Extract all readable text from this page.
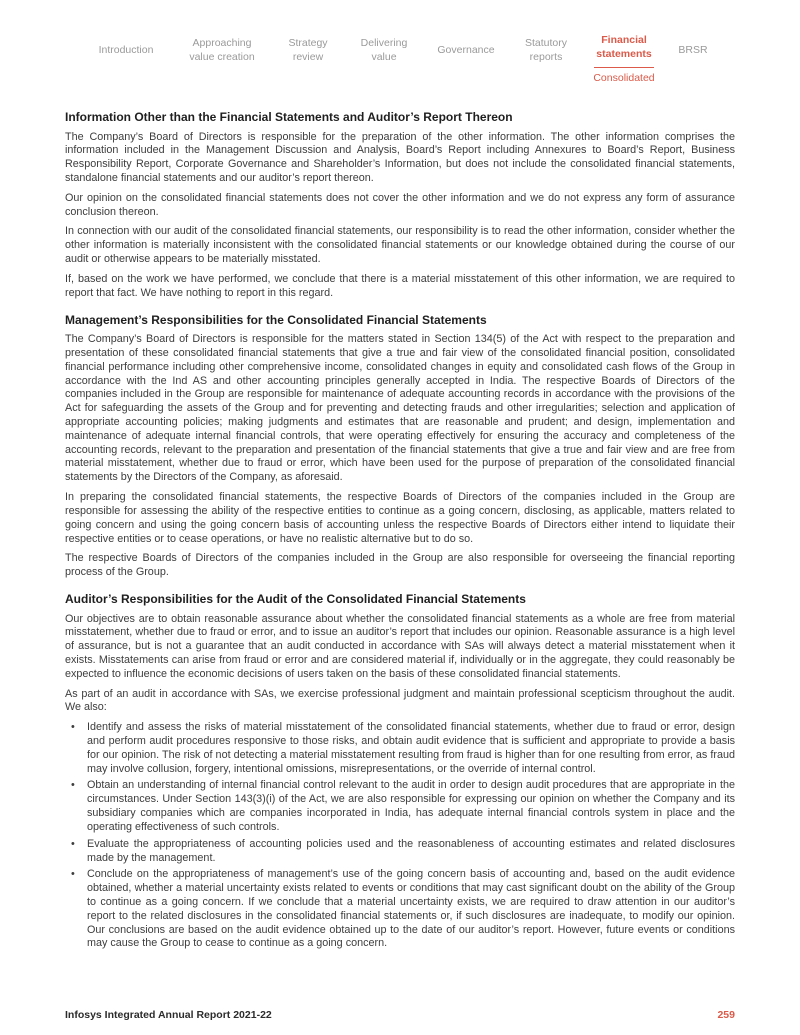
Introduction
Approaching value creation
Strategy review
Delivering value
Governance
Statutory reports
Financial statements
Consolidated
BRSR
Information Other than the Financial Statements and Auditor’s Report Thereon

The Company’s Board of Directors is responsible for the preparation of the other information. The other information comprises the information included in the Management Discussion and Analysis, Board’s Report including Annexures to Board’s Report, Business Responsibility Report, Corporate Governance and Shareholder’s Information, but does not include the consolidated financial statements, standalone financial statements and our auditor’s report thereon.

Our opinion on the consolidated financial statements does not cover the other information and we do not express any form of assurance conclusion thereon.

In connection with our audit of the consolidated financial statements, our responsibility is to read the other information, consider whether the other information is materially inconsistent with the consolidated financial statements or our knowledge obtained during the course of our audit or otherwise appears to be materially misstated.

If, based on the work we have performed, we conclude that there is a material misstatement of this other information, we are required to report that fact. We have nothing to report in this regard.

Management’s Responsibilities for the Consolidated Financial Statements

The Company’s Board of Directors is responsible for the matters stated in Section 134(5) of the Act with respect to the preparation and presentation of these consolidated financial statements that give a true and fair view of the consolidated financial position, consolidated financial performance including other comprehensive income, consolidated changes in equity and consolidated cash flows of the Group in accordance with the Ind AS and other accounting principles generally accepted in India. The respective Boards of Directors of the companies included in the Group are responsible for maintenance of adequate accounting records in accordance with the provisions of the Act for safeguarding the assets of the Group and for preventing and detecting frauds and other irregularities; selection and application of appropriate accounting policies; making judgments and estimates that are reasonable and prudent; and design, implementation and maintenance of adequate internal financial controls, that were operating effectively for ensuring the accuracy and completeness of the accounting records, relevant to the preparation and presentation of the financial statements that give a true and fair view and are free from material misstatement, whether due to fraud or error, which have been used for the purpose of preparation of the consolidated financial statements by the Directors of the Company, as aforesaid.

In preparing the consolidated financial statements, the respective Boards of Directors of the companies included in the Group are responsible for assessing the ability of the respective entities to continue as a going concern, disclosing, as applicable, matters related to going concern and using the going concern basis of accounting unless the respective Boards of Directors either intend to liquidate their respective entities or to cease operations, or have no realistic alternative but to do so.

The respective Boards of Directors of the companies included in the Group are also responsible for overseeing the financial reporting process of the Group.

Auditor’s Responsibilities for the Audit of the Consolidated Financial Statements

Our objectives are to obtain reasonable assurance about whether the consolidated financial statements as a whole are free from material misstatement, whether due to fraud or error, and to issue an auditor’s report that includes our opinion. Reasonable assurance is a high level of assurance, but is not a guarantee that an audit conducted in accordance with SAs will always detect a material misstatement when it exists. Misstatements can arise from fraud or error and are considered material if, individually or in the aggregate, they could reasonably be expected to influence the economic decisions of users taken on the basis of these consolidated financial statements.

As part of an audit in accordance with SAs, we exercise professional judgment and maintain professional scepticism throughout the audit. We also:

• Identify and assess the risks of material misstatement of the consolidated financial statements, whether due to fraud or error, design and perform audit procedures responsive to those risks, and obtain audit evidence that is sufficient and appropriate to provide a basis for our opinion. The risk of not detecting a material misstatement resulting from fraud is higher than for one resulting from error, as fraud may involve collusion, forgery, intentional omissions, misrepresentations, or the override of internal control.
• Obtain an understanding of internal financial control relevant to the audit in order to design audit procedures that are appropriate in the circumstances. Under Section 143(3)(i) of the Act, we are also responsible for expressing our opinion on whether the Company and its subsidiary companies which are companies incorporated in India, has adequate internal financial controls system in place and the operating effectiveness of such controls.
• Evaluate the appropriateness of accounting policies used and the reasonableness of accounting estimates and related disclosures made by the management.
• Conclude on the appropriateness of management’s use of the going concern basis of accounting and, based on the audit evidence obtained, whether a material uncertainty exists related to events or conditions that may cast significant doubt on the ability of the Group to continue as a going concern. If we conclude that a material uncertainty exists, we are required to draw attention in our auditor’s report to the related disclosures in the consolidated financial statements or, if such disclosures are inadequate, to modify our opinion. Our conclusions are based on the audit evidence obtained up to the date of our auditor’s report. However, future events or conditions may cause the Group to cease to continue as a going concern.
Infosys Integrated Annual Report 2021-22	259
